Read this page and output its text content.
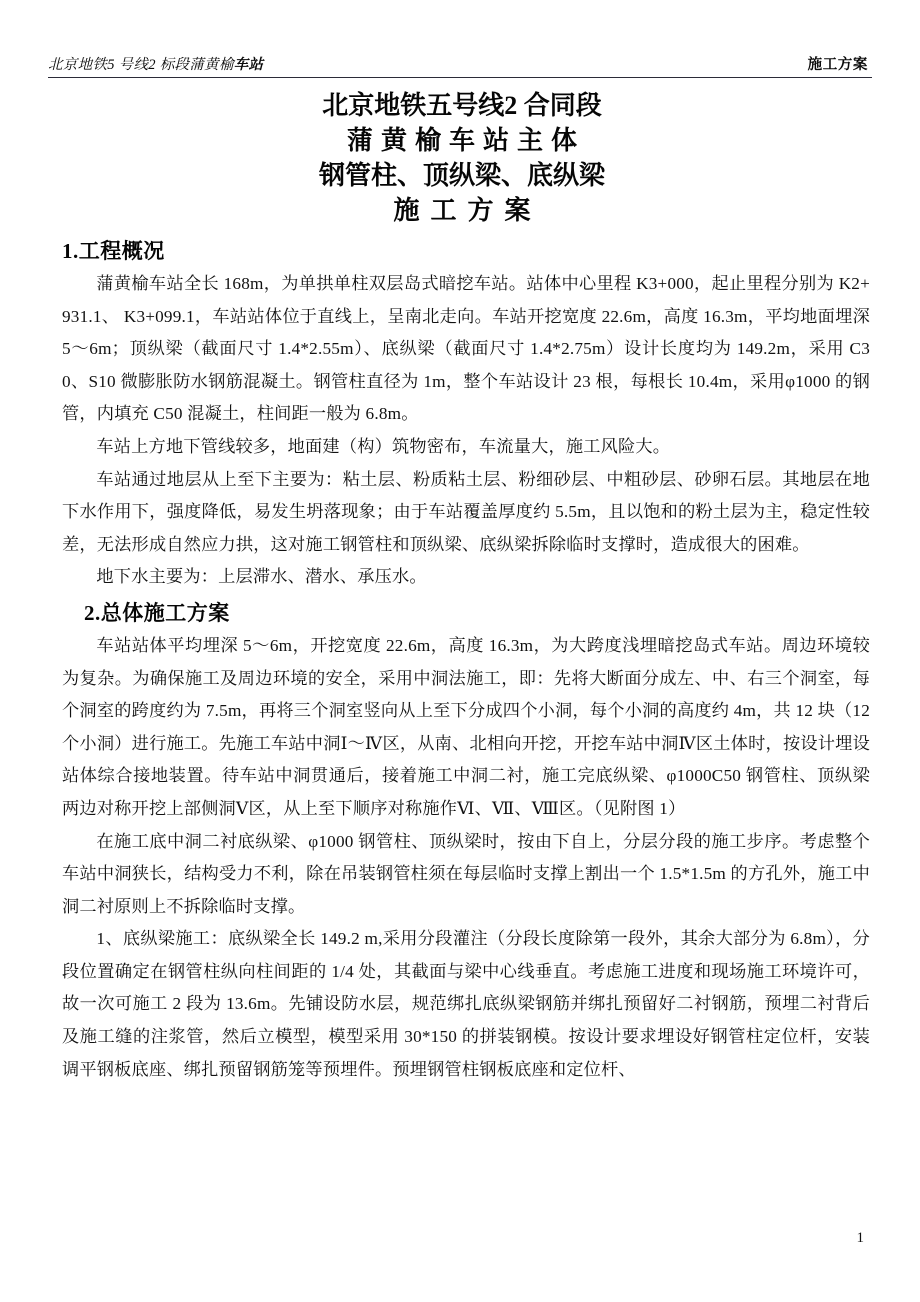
北京地铁5 号线2 标段蒲黄榆车站	施工方案
北京地铁五号线2 合同段
蒲黄榆车站主体
钢管柱、顶纵梁、底纵梁
施工方案
1.工程概况

蒲黄榆车站全长 168m，为单拱单柱双层岛式暗挖车站。站体中心里程 K3+000，起止里程分别为 K2+931.1、 K3+099.1，车站站体位于直线上，呈南北走向。车站开挖宽度 22.6m，高度 16.3m，平均地面埋深 5～6m；顶纵梁（截面尺寸 1.4*2.55m）、底纵梁（截面尺寸 1.4*2.75m）设计长度均为 149.2m，采用 C30、S10 微膨胀防水钢筋混凝土。钢管柱直径为 1m，整个车站设计 23 根，每根长 10.4m，采用φ1000 的钢管，内填充 C50 混凝土，柱间距一般为 6.8m。

车站上方地下管线较多，地面建（构）筑物密布，车流量大，施工风险大。

车站通过地层从上至下主要为：粘土层、粉质粘土层、粉细砂层、中粗砂层、砂卵石层。其地层在地下水作用下，强度降低，易发生坍落现象；由于车站覆盖厚度约 5.5m，且以饱和的粉土层为主，稳定性较差，无法形成自然应力拱，这对施工钢管柱和顶纵梁、底纵梁拆除临时支撑时，造成很大的困难。

地下水主要为：上层滞水、潜水、承压水。

2.总体施工方案

车站站体平均埋深 5～6m，开挖宽度 22.6m，高度 16.3m，为大跨度浅埋暗挖岛式车站。周边环境较为复杂。为确保施工及周边环境的安全，采用中洞法施工，即：先将大断面分成左、中、右三个洞室，每个洞室的跨度约为 7.5m，再将三个洞室竖向从上至下分成四个小洞，每个小洞的高度约 4m，共 12 块（12 个小洞）进行施工。先施工车站中洞Ⅰ～Ⅳ区，从南、北相向开挖，开挖车站中洞Ⅳ区土体时，按设计埋设站体综合接地装置。待车站中洞贯通后，接着施工中洞二衬，施工完底纵梁、φ1000C50 钢管柱、顶纵梁 两边对称开挖上部侧洞Ⅴ区，从上至下顺序对称施作Ⅵ、Ⅶ、Ⅷ区。（见附图 1）

在施工底中洞二衬底纵梁、φ1000 钢管柱、顶纵梁时，按由下自上，分层分段的施工步序。考虑整个车站中洞狭长，结构受力不利，除在吊装钢管柱须在每层临时支撑上割出一个 1.5*1.5m 的方孔外，施工中洞二衬原则上不拆除临时支撑。

1、底纵梁施工：底纵梁全长 149.2 m,采用分段灌注（分段长度除第一段外，其余大部分为 6.8m），分段位置确定在钢管柱纵向柱间距的 1/4 处，其截面与梁中心线垂直。考虑施工进度和现场施工环境许可，故一次可施工 2 段为 13.6m。先铺设防水层，规范绑扎底纵梁钢筋并绑扎预留好二衬钢筋，预埋二衬背后及施工缝的注浆管，然后立模型，模型采用 30*150 的拼装钢模。按设计要求埋设好钢管柱定位杆，安装调平钢板底座、绑扎预留钢筋笼等预埋件。预埋钢管柱钢板底座和定位杆、

1
